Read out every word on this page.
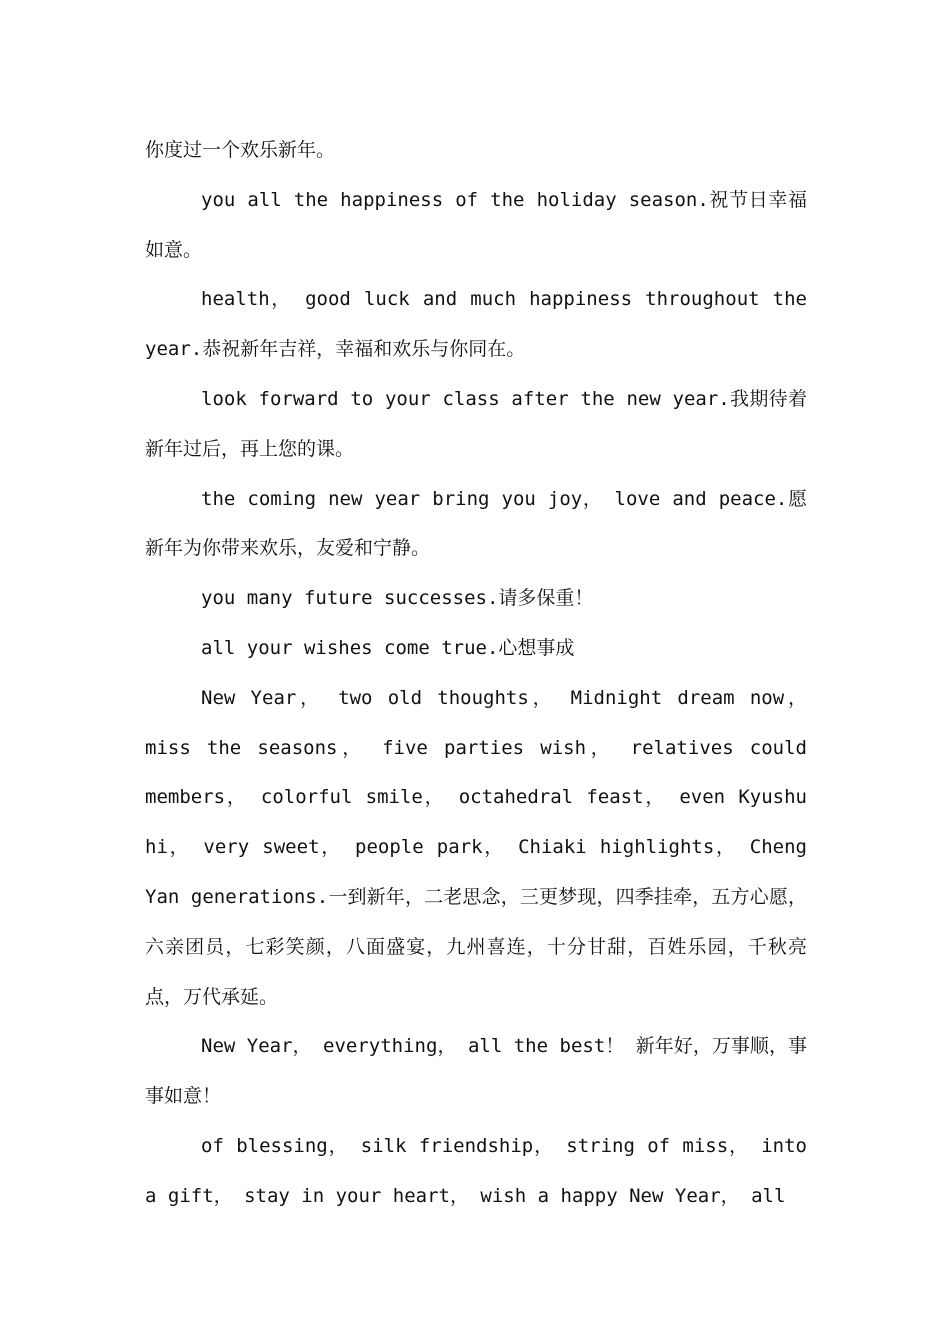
你度过一个欢乐新年。

you all the happiness of the holiday season.祝节日幸福如意。

health， good luck and much happiness throughout the year.恭祝新年吉祥，幸福和欢乐与你同在。

look forward to your class after the new year.我期待着新年过后，再上您的课。

the coming new year bring you joy， love and peace.愿新年为你带来欢乐，友爱和宁静。

you many future successes.请多保重！

all your wishes come true.心想事成

New Year， two old thoughts， Midnight dream now， miss the seasons， five parties wish， relatives could members， colorful smile， octahedral feast， even Kyushu hi， very sweet， people park， Chiaki highlights， Cheng Yan generations.一到新年，二老思念，三更梦现，四季挂牵，五方心愿，六亲团员，七彩笑颜，八面盛宴，九州喜连，十分甘甜，百姓乐园，千秋亮点，万代承延。

New Year， everything， all the best！ 新年好，万事顺，事事如意！

of blessing， silk friendship， string of miss， into a gift， stay in your heart， wish a happy New Year， all
